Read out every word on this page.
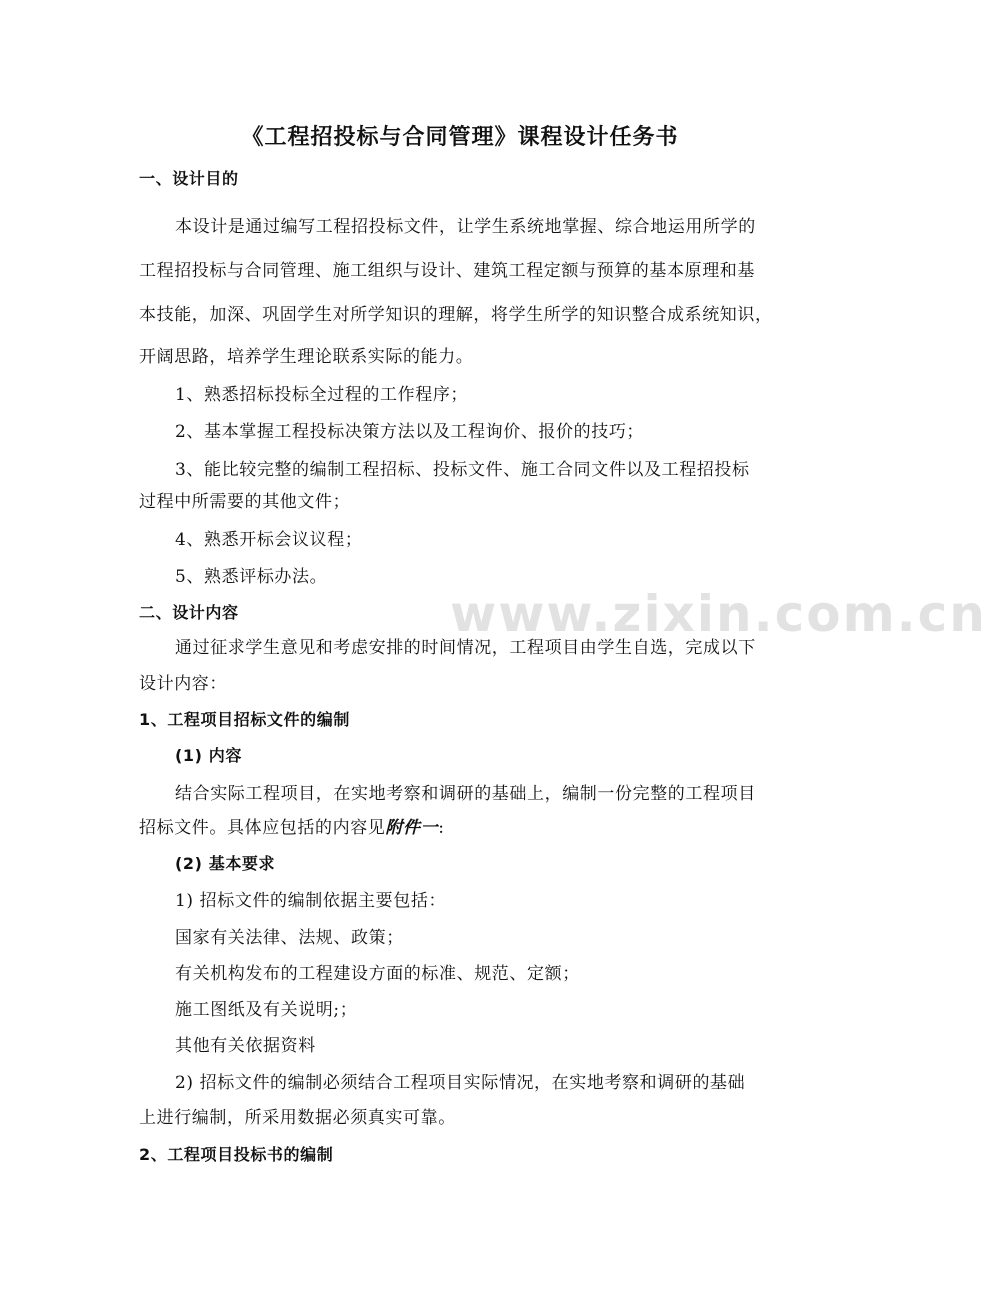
www.zixin.com.cn
《工程招投标与合同管理》课程设计任务书
一、设计目的
本设计是通过编写工程招投标文件，让学生系统地掌握、综合地运用所学的
工程招投标与合同管理、施工组织与设计、建筑工程定额与预算的基本原理和基
本技能，加深、巩固学生对所学知识的理解，将学生所学的知识整合成系统知识，
开阔思路，培养学生理论联系实际的能力。
1、熟悉招标投标全过程的工作程序；
2、基本掌握工程投标决策方法以及工程询价、报价的技巧；
3、能比较完整的编制工程招标、投标文件、施工合同文件以及工程招投标
过程中所需要的其他文件；
4、熟悉开标会议议程；
5、熟悉评标办法。
二、设计内容
通过征求学生意见和考虑安排的时间情况，工程项目由学生自选，完成以下
设计内容：
1、工程项目招标文件的编制
(1) 内容
结合实际工程项目，在实地考察和调研的基础上，编制一份完整的工程项目
招标文件。具体应包括的内容见附件一:
(2) 基本要求
1) 招标文件的编制依据主要包括：
国家有关法律、法规、政策；
有关机构发布的工程建设方面的标准、规范、定额；
施工图纸及有关说明;；
其他有关依据资料
2) 招标文件的编制必须结合工程项目实际情况，在实地考察和调研的基础
上进行编制，所采用数据必须真实可靠。
2、工程项目投标书的编制
